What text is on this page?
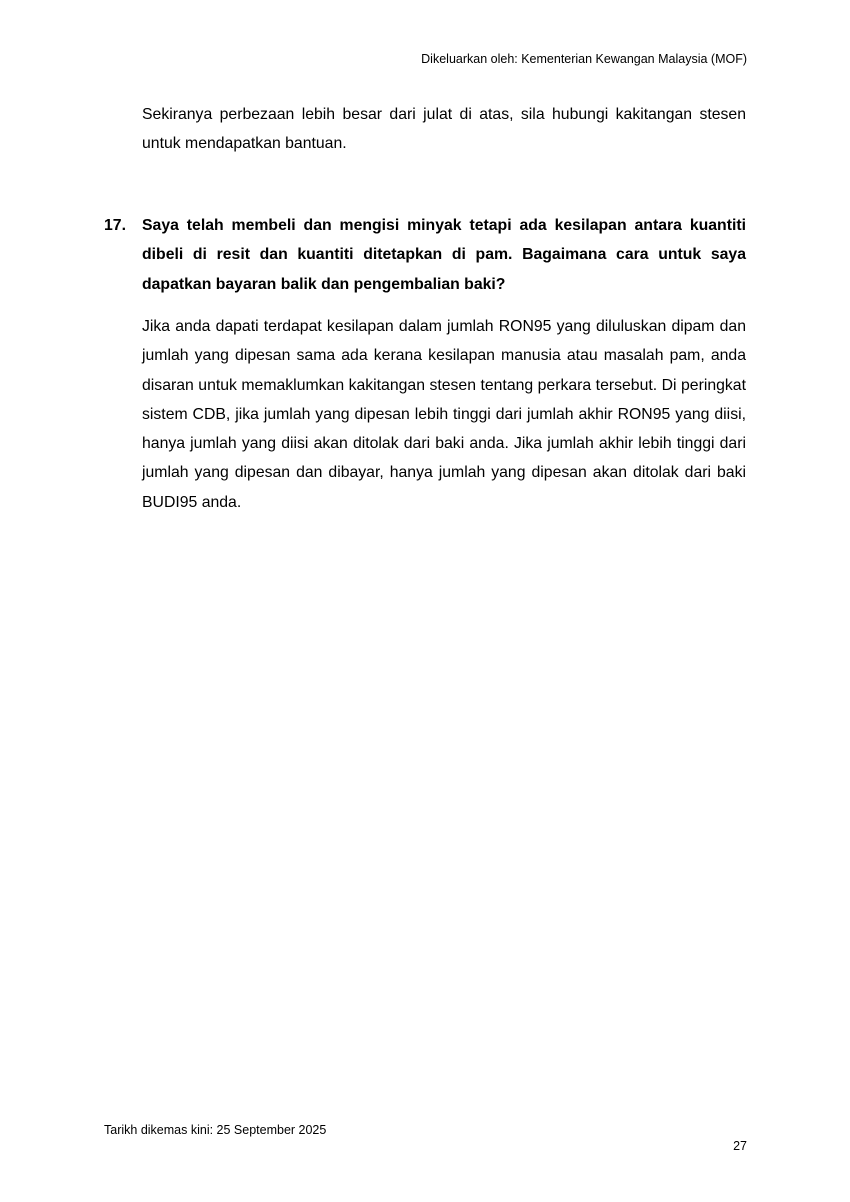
Dikeluarkan oleh: Kementerian Kewangan Malaysia (MOF)

Sekiranya perbezaan lebih besar dari julat di atas, sila hubungi kakitangan stesen untuk mendapatkan bantuan.

17. Saya telah membeli dan mengisi minyak tetapi ada kesilapan antara kuantiti dibeli di resit dan kuantiti ditetapkan di pam. Bagaimana cara untuk saya dapatkan bayaran balik dan pengembalian baki?

Jika anda dapati terdapat kesilapan dalam jumlah RON95 yang diluluskan dipam dan jumlah yang dipesan sama ada kerana kesilapan manusia atau masalah pam, anda disaran untuk memaklumkan kakitangan stesen tentang perkara tersebut. Di peringkat sistem CDB, jika jumlah yang dipesan lebih tinggi dari jumlah akhir RON95 yang diisi, hanya jumlah yang diisi akan ditolak dari baki anda. Jika jumlah akhir lebih tinggi dari jumlah yang dipesan dan dibayar, hanya jumlah yang dipesan akan ditolak dari baki BUDI95 anda.

Tarikh dikemas kini: 25 September 2025
27
